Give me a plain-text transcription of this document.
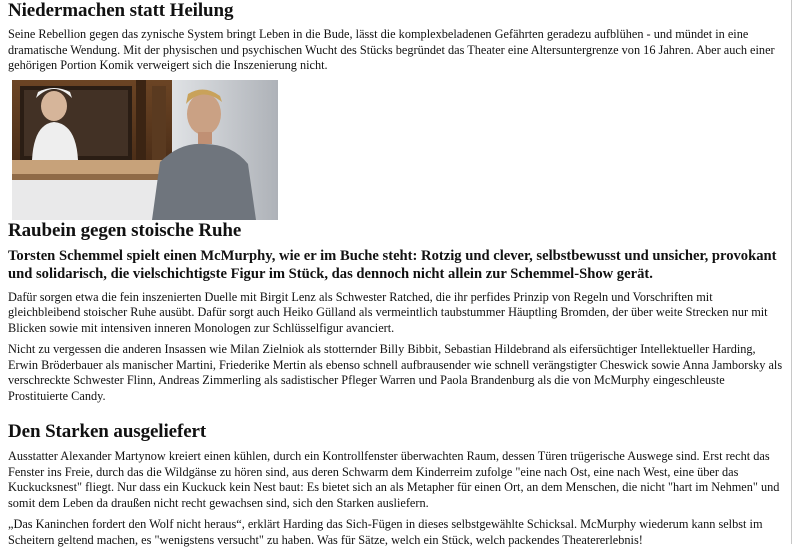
Niedermachen statt Heilung

Seine Rebellion gegen das zynische System bringt Leben in die Bude, lässt die komplexbeladenen Gefährten geradezu aufblühen - und mündet in eine dramatische Wendung. Mit der physischen und psychischen Wucht des Stücks begründet das Theater eine Altersuntergrenze von 16 Jahren. Aber auch einer gehörigen Portion Komik verweigert sich die Inszenierung nicht.

Raubein gegen stoische Ruhe

Torsten Schemmel spielt einen McMurphy, wie er im Buche steht: Rotzig und clever, selbstbewusst und unsicher, provokant und solidarisch, die vielschichtigste Figur im Stück, das dennoch nicht allein zur Schemmel-Show gerät.

Dafür sorgen etwa die fein inszenierten Duelle mit Birgit Lenz als Schwester Ratched, die ihr perfides Prinzip von Regeln und Vorschriften mit gleichbleibend stoischer Ruhe ausübt. Dafür sorgt auch Heiko Gülland als vermeintlich taubstummer Häuptling Bromden, der über weite Strecken nur mit Blicken sowie mit intensiven inneren Monologen zur Schlüsselfigur avanciert.

Nicht zu vergessen die anderen Insassen wie Milan Zielniok als stotternder Billy Bibbit, Sebastian Hildebrand als eifersüchtiger Intellektueller Harding, Erwin Bröderbauer als manischer Martini, Friederike Mertin als ebenso schnell aufbrausender wie schnell verängstigter Cheswick sowie Anna Jamborsky als verschreckte Schwester Flinn, Andreas Zimmerling als sadistischer Pfleger Warren und Paola Brandenburg als die von McMurphy eingeschleuste Prostituierte Candy.

Den Starken ausgeliefert

Ausstatter Alexander Martynow kreiert einen kühlen, durch ein Kontrollfenster überwachten Raum, dessen Türen trügerische Auswege sind. Erst recht das Fenster ins Freie, durch das die Wildgänse zu hören sind, aus deren Schwarm dem Kinderreim zufolge "eine nach Ost, eine nach West, eine über das Kuckucksnest" fliegt. Nur dass ein Kuckuck kein Nest baut: Es bietet sich an als Metapher für einen Ort, an dem Menschen, die nicht "hart im Nehmen" und somit dem Leben da draußen nicht recht gewachsen sind, sich den Starken ausliefern.

„Das Kaninchen fordert den Wolf nicht heraus“, erklärt Harding das Sich-Fügen in dieses selbstgewählte Schicksal. McMurphy wiederum kann selbst im Scheitern geltend machen, es "wenigstens versucht" zu haben. Was für Sätze, welch ein Stück, welch packendes Theatererlebnis!
